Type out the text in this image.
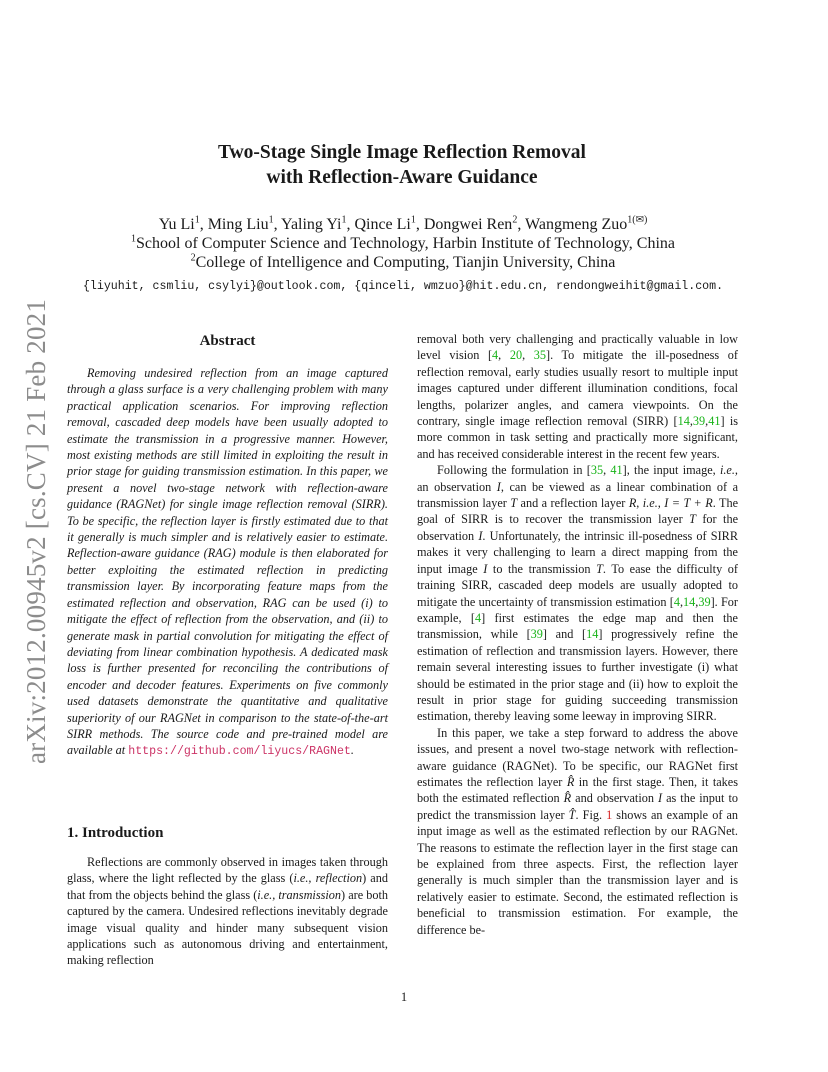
arXiv:2012.00945v2 [cs.CV] 21 Feb 2021
Two-Stage Single Image Reflection Removal
with Reflection-Aware Guidance
Yu Li$^1$, Ming Liu$^1$, Yaling Yi$^1$, Qince Li$^1$, Dongwei Ren$^2$, Wangmeng Zuo$^{1(✉)}$
$^1$School of Computer Science and Technology, Harbin Institute of Technology, China
$^2$College of Intelligence and Computing, Tianjin University, China
{liyuhit, csmliu, csylyi}@outlook.com, {qinceli, wmzuo}@hit.edu.cn, rendongweihit@gmail.com.
Abstract

Removing undesired reflection from an image captured through a glass surface is a very challenging problem with many practical application scenarios. For improving reflection removal, cascaded deep models have been usually adopted to estimate the transmission in a progressive manner. However, most existing methods are still limited in exploiting the result in prior stage for guiding transmission estimation. In this paper, we present a novel two-stage network with reflection-aware guidance (RAGNet) for single image reflection removal (SIRR). To be specific, the reflection layer is firstly estimated due to that it generally is much simpler and is relatively easier to estimate. Reflection-aware guidance (RAG) module is then elaborated for better exploiting the estimated reflection in predicting transmission layer. By incorporating feature maps from the estimated reflection and observation, RAG can be used (i) to mitigate the effect of reflection from the observation, and (ii) to generate mask in partial convolution for mitigating the effect of deviating from linear combination hypothesis. A dedicated mask loss is further presented for reconciling the contributions of encoder and decoder features. Experiments on five commonly used datasets demonstrate the quantitative and qualitative superiority of our RAGNet in comparison to the state-of-the-art SIRR methods. The source code and pre-trained model are available at https://github.com/liyucs/RAGNet.

1. Introduction

Reflections are commonly observed in images taken through glass, where the light reflected by the glass (i.e., reflection) and that from the objects behind the glass (i.e., transmission) are both captured by the camera. Undesired reflections inevitably degrade image visual quality and hinder many subsequent vision applications such as autonomous driving and entertainment, making reflection

removal both very challenging and practically valuable in low level vision [4, 20, 35]. To mitigate the ill-posedness of reflection removal, early studies usually resort to multiple input images captured under different illumination conditions, focal lengths, polarizer angles, and camera viewpoints. On the contrary, single image reflection removal (SIRR) [14,39,41] is more common in task setting and practically more significant, and has received considerable interest in the recent few years.

Following the formulation in [35, 41], the input image, i.e., an observation I, can be viewed as a linear combination of a transmission layer T and a reflection layer R, i.e., I = T + R. The goal of SIRR is to recover the transmission layer T for the observation I. Unfortunately, the intrinsic ill-posedness of SIRR makes it very challenging to learn a direct mapping from the input image I to the transmission T. To ease the difficulty of training SIRR, cascaded deep models are usually adopted to mitigate the uncertainty of transmission estimation [4,14,39]. For example, [4] first estimates the edge map and then the transmission, while [39] and [14] progressively refine the estimation of reflection and transmission layers. However, there remain several interesting issues to further investigate (i) what should be estimated in the prior stage and (ii) how to exploit the result in prior stage for guiding succeeding transmission estimation, thereby leaving some leeway in improving SIRR.

In this paper, we take a step forward to address the above issues, and present a novel two-stage network with reflection-aware guidance (RAGNet). To be specific, our RAGNet first estimates the reflection layer R̂ in the first stage. Then, it takes both the estimated reflection R̂ and observation I as the input to predict the transmission layer T̂. Fig. 1 shows an example of an input image as well as the estimated reflection by our RAGNet. The reasons to estimate the reflection layer in the first stage can be explained from three aspects. First, the reflection layer generally is much simpler than the transmission layer and is relatively easier to estimate. Second, the estimated reflection is beneficial to transmission estimation. For example, the difference be-

1
